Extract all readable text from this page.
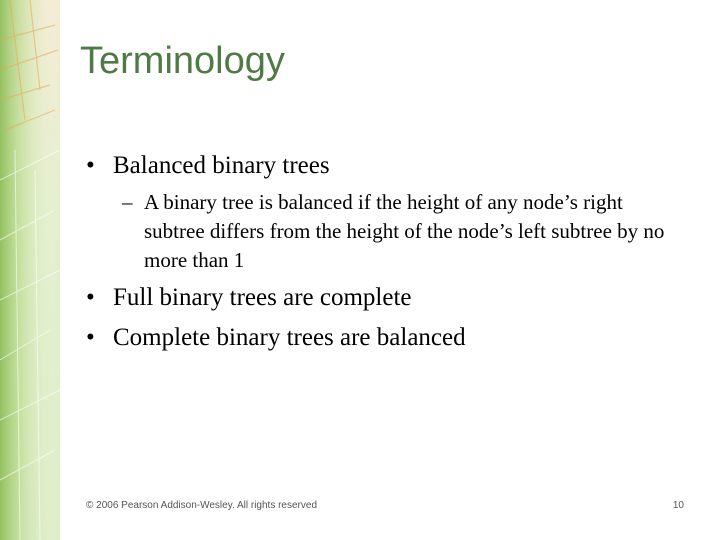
Terminology
• Balanced binary trees
– A binary tree is balanced if the height of any node’s right subtree differs from the height of the node’s left subtree by no more than 1
• Full binary trees are complete
• Complete binary trees are balanced
© 2006 Pearson Addison-Wesley. All rights reserved	10
